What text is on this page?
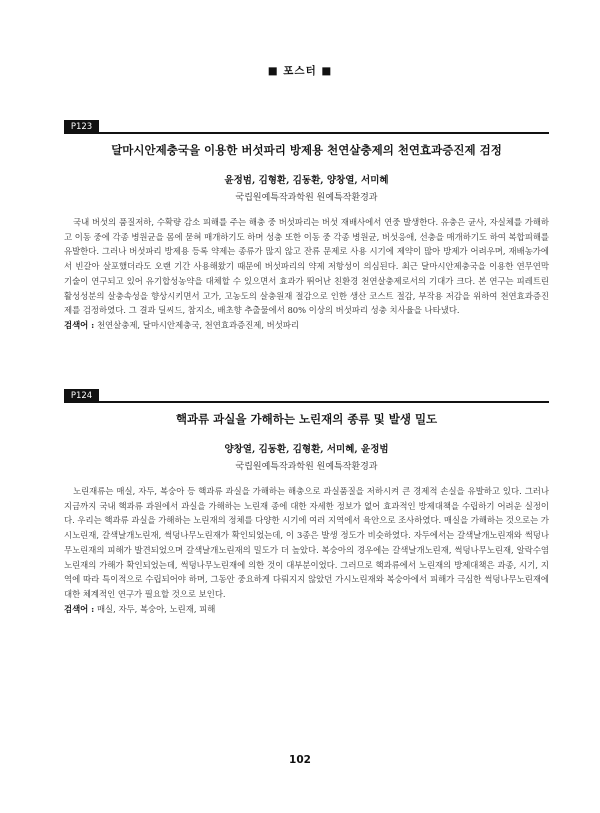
■ 포스터 ■
P123
달마시안제충국을 이용한 버섯파리 방제용 천연살충제의 천연효과증진제 검정
윤정범, 김형환, 김동환, 양창열, 서미혜
국립원예특작과학원 원예특작환경과
국내 버섯의 품질저하, 수확량 감소 피해를 주는 해충 중 버섯파리는 버섯 재배사에서 연중 발생한다. 유충은 균사, 자실체를 가해하고 이동 중에 각종 병원균을 몸에 묻혀 매개하기도 하며 성충 또한 이동 중 각종 병원균, 버섯응애, 선충을 매개하기도 하여 복합피해를 유발한다. 그러나 버섯파리 방제용 등록 약제는 종류가 많지 않고 잔류 문제로 사용 시기에 제약이 많아 방제가 어려우며, 재배농가에서 빈갈아 살포했더라도 오랜 기간 사용해왔기 때문에 버섯파리의 약제 저항성이 의심된다. 최근 달마시안제충국을 이용한 연무연막 기술이 연구되고 있어 유기합성농약을 대체할 수 있으면서 효과가 뛰어난 친환경 천연살충제로서의 기대가 크다. 본 연구는 피레트린 활성성분의 살충속성을 향상시키면서 고가, 고농도의 살충원재 절감으로 인한 생산 코스트 절감, 부작용 저감을 위하여 천연효과증진제를 검정하였다. 그 결과 딜씨드, 참지소, 배초향 추출물에서 80% 이상의 버섯파리 성충 치사율을 나타냈다.
검색어 : 천연살충제, 달마시안제충국, 천연효과증진제, 버섯파리
P124
핵과류 과실을 가해하는 노린재의 종류 및 발생 밀도
양창열, 김동환, 김형환, 서미혜, 윤정범
국립원예특작과학원 원예특작환경과
노린재류는 매실, 자두, 복숭아 등 핵과류 과실을 가해하는 해충으로 과실품질을 저하시켜 큰 경제적 손실을 유발하고 있다. 그러나 지금까지 국내 핵과류 과원에서 과실을 가해하는 노린재 종에 대한 자세한 정보가 없어 효과적인 방제대책을 수립하기 어려운 실정이다. 우리는 핵과류 과실을 가해하는 노린재의 정체를 다양한 시기에 여러 지역에서 육안으로 조사하였다. 매실을 가해하는 것으로는 가시노린재, 갈색날개노린재, 썩덩나무노린재가 확인되었는데, 이 3종은 발생 정도가 비슷하였다. 자두에서는 갈색날개노린재와 썩덩나무노린재의 피해가 발견되었으며 갈색날개노린재의 밀도가 더 높았다. 복숭아의 경우에는 갈색날개노린재, 썩덩나무노린재, 알락수염노린재의 가해가 확인되었는데, 썩덩나무노린재에 의한 것이 대부분이었다. 그러므로 핵과류에서 노린재의 방제대책은 과종, 시기, 지역에 따라 특이적으로 수립되어야 하며, 그동안 중요하게 다뤄지지 않았던 가시노린재와 복숭아에서 피해가 극심한 썩덩나무노린재에 대한 체계적인 연구가 필요할 것으로 보인다.
검색어 : 매실, 자두, 복숭아, 노린재, 피해
102
